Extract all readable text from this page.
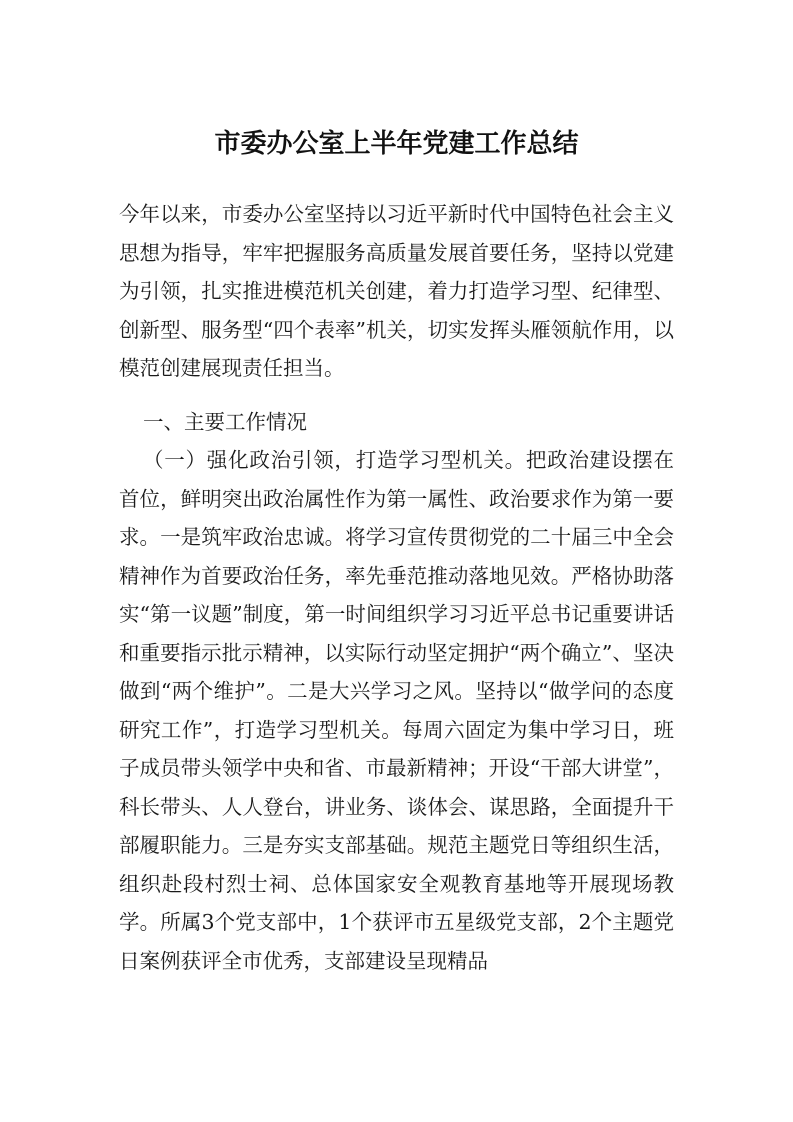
市委办公室上半年党建工作总结

今年以来，市委办公室坚持以习近平新时代中国特色社会主义思想为指导，牢牢把握服务高质量发展首要任务，坚持以党建为引领，扎实推进模范机关创建，着力打造学习型、纪律型、创新型、服务型“四个表率”机关，切实发挥头雁领航作用，以模范创建展现责任担当。

一、主要工作情况

（一）强化政治引领，打造学习型机关。把政治建设摆在首位，鲜明突出政治属性作为第一属性、政治要求作为第一要求。一是筑牢政治忠诚。将学习宣传贯彻党的二十届三中全会精神作为首要政治任务，率先垂范推动落地见效。严格协助落实“第一议题”制度，第一时间组织学习习近平总书记重要讲话和重要指示批示精神，以实际行动坚定拥护“两个确立”、坚决做到“两个维护”。二是大兴学习之风。坚持以“做学问的态度研究工作”，打造学习型机关。每周六固定为集中学习日，班子成员带头领学中央和省、市最新精神；开设“干部大讲堂”，科长带头、人人登台，讲业务、谈体会、谋思路，全面提升干部履职能力。三是夯实支部基础。规范主题党日等组织生活，组织赴段村烈士祠、总体国家安全观教育基地等开展现场教学。所属3个党支部中，1个获评市五星级党支部，2个主题党日案例获评全市优秀，支部建设呈现精品
